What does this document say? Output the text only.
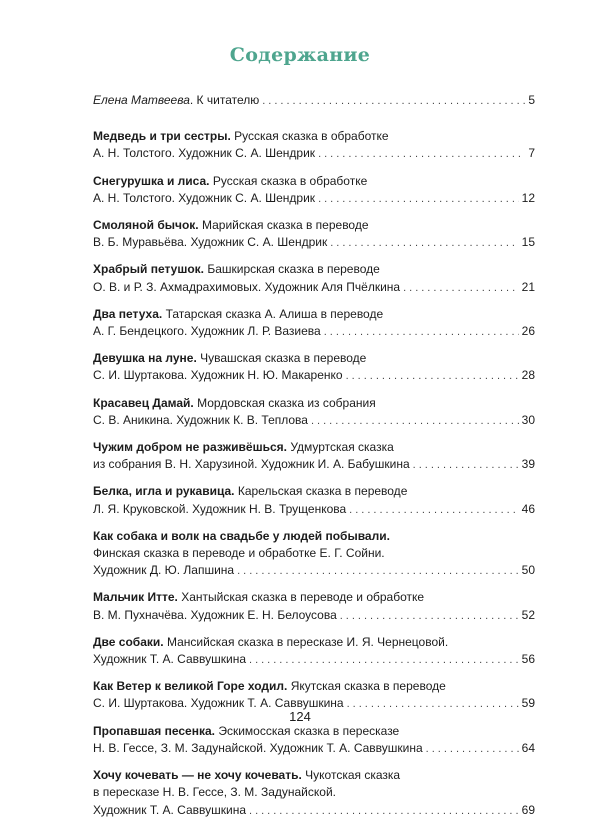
Содержание
Елена Матвеева. К читателю .....	5
Медведь и три сестры. Русская сказка в обработке
А. Н. Толстого. Художник С. А. Шендрик .....	7
Снегурушка и лиса. Русская сказка в обработке
А. Н. Толстого. Художник С. А. Шендрик .....	12
Смоляной бычок. Марийская сказка в переводе
В. Б. Муравьёва. Художник С. А. Шендрик .....	15
Храбрый петушок. Башкирская сказка в переводе
О. В. и Р. З. Ахмадрахимовых. Художник Аля Пчёлкина .....	21
Два петуха. Татарская сказка А. Алиша в переводе
А. Г. Бендецкого. Художник Л. Р. Вазиева .....	26
Девушка на луне. Чувашская сказка в переводе
С. И. Шуртакова. Художник Н. Ю. Макаренко .....	28
Красавец Дамай. Мордовская сказка из собрания
С. В. Аникина. Художник К. В. Теплова .....	30
Чужим добром не разживёшься. Удмуртская сказка
из собрания В. Н. Харузиной. Художник И. А. Бабушкина .....	39
Белка, игла и рукавица. Карельская сказка в переводе
Л. Я. Круковской. Художник Н. В. Трущенкова .....	46
Как собака и волк на свадьбе у людей побывали.
Финская сказка в переводе и обработке Е. Г. Сойни.
Художник Д. Ю. Лапшина .....	50
Мальчик Итте. Хантыйская сказка в переводе и обработке
В. М. Пухначёва. Художник Е. Н. Белоусова .....	52
Две собаки. Мансийская сказка в пересказе И. Я. Чернецовой.
Художник Т. А. Саввушкина .....	56
Как Ветер к великой Горе ходил. Якутская сказка в переводе
С. И. Шуртакова. Художник Т. А. Саввушкина .....	59
Пропавшая песенка. Эскимосская сказка в пересказе
Н. В. Гессе, З. М. Задунайской. Художник Т. А. Саввушкина .....	64
Хочу кочевать — не хочу кочевать. Чукотская сказка
в пересказе Н. В. Гессе, З. М. Задунайской.
Художник Т. А. Саввушкина .....	69
124
